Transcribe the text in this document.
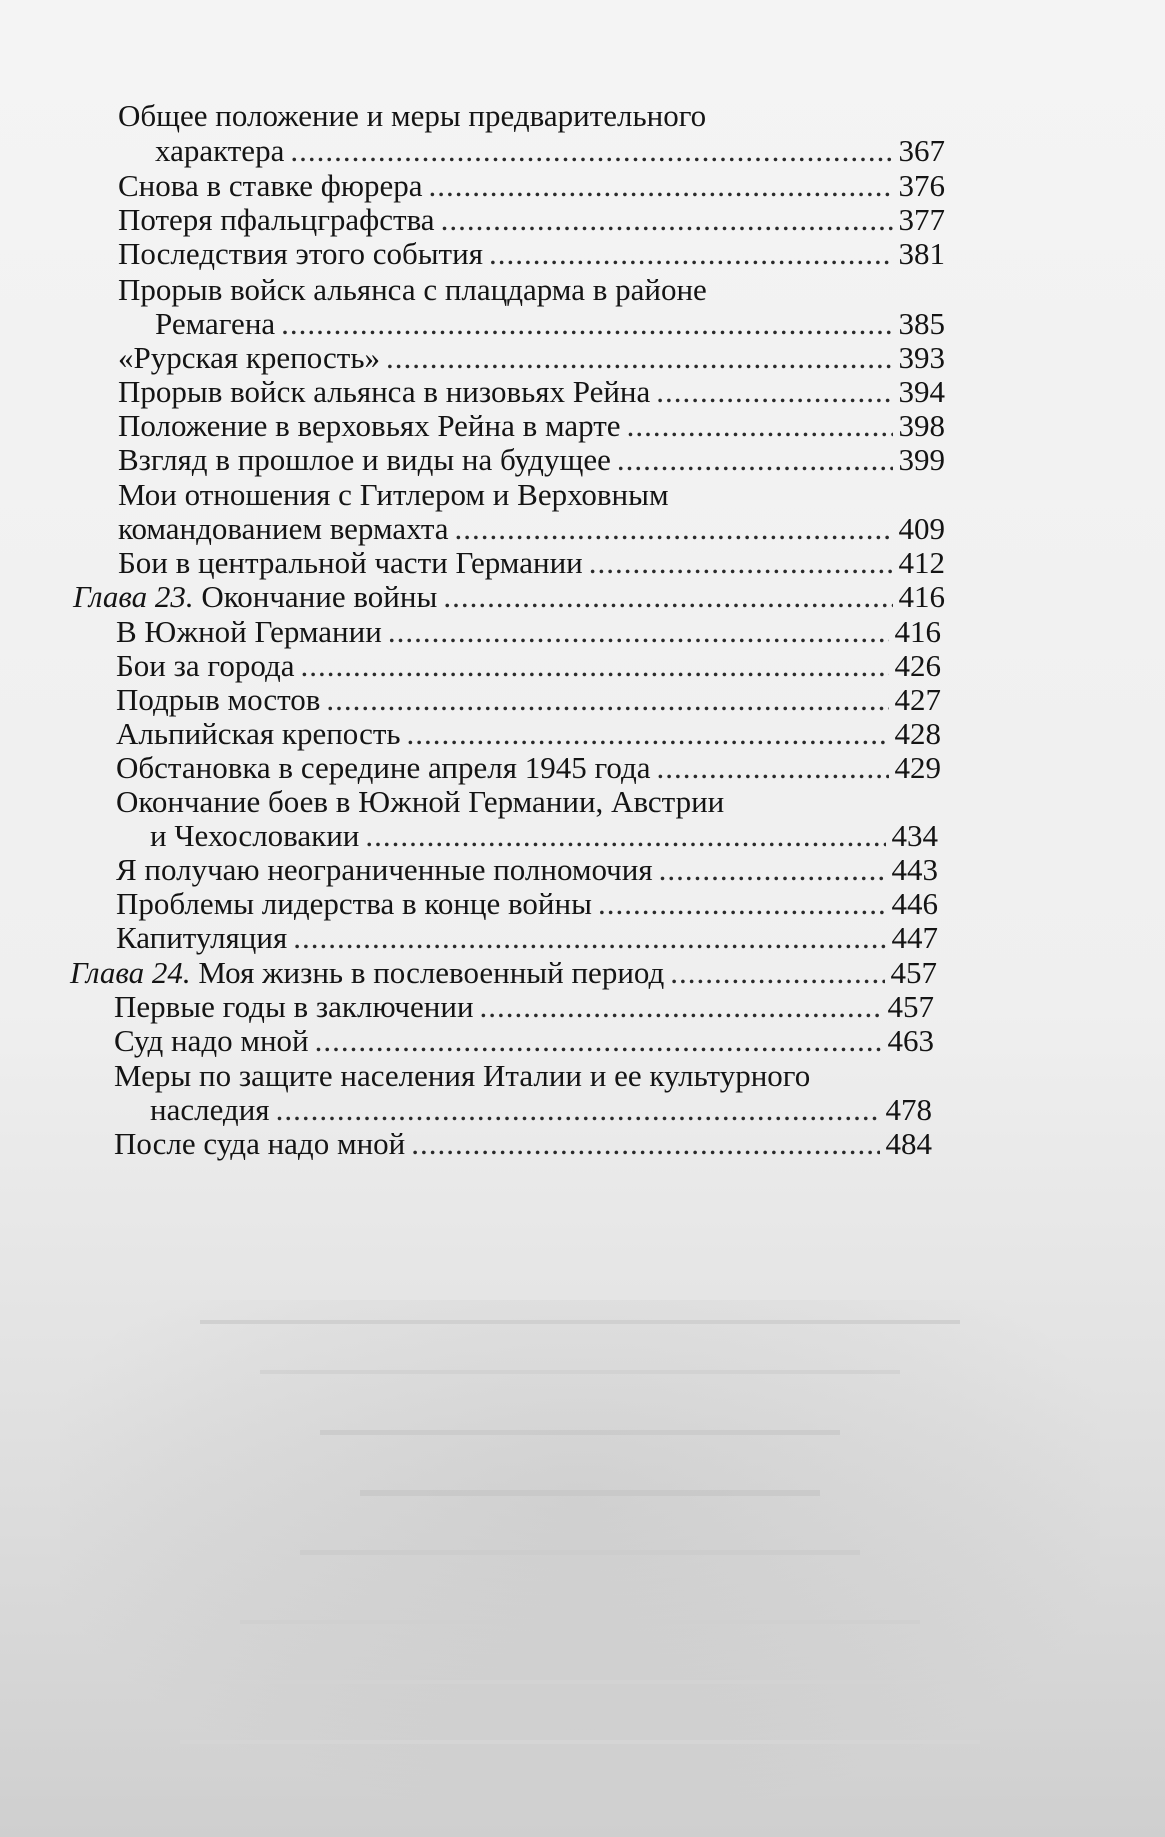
Общее положение и меры предварительного
характера .....	367
Снова в ставке фюрера .....	376
Потеря пфальцграфства .....	377
Последствия этого события .....	381
Прорыв войск альянса с плацдарма в районе
Ремагена .....	385
«Рурская крепость» .....	393
Прорыв войск альянса в низовьях Рейна .....	394
Положение в верховьях Рейна в марте .....	398
Взгляд в прошлое и виды на будущее .....	399
Мои отношения с Гитлером и Верховным
командованием вермахта .....	409
Бои в центральной части Германии .....	412
Глава 23. Окончание войны .....	416
В Южной Германии .....	416
Бои за города .....	426
Подрыв мостов .....	427
Альпийская крепость .....	428
Обстановка в середине апреля 1945 года .....	429
Окончание боев в Южной Германии, Австрии
и Чехословакии .....	434
Я получаю неограниченные полномочия .....	443
Проблемы лидерства в конце войны .....	446
Капитуляция .....	447
Глава 24. Моя жизнь в послевоенный период .....	457
Первые годы в заключении .....	457
Суд надо мной .....	463
Меры по защите населения Италии и ее культурного
наследия .....	478
После суда надо мной .....	484
